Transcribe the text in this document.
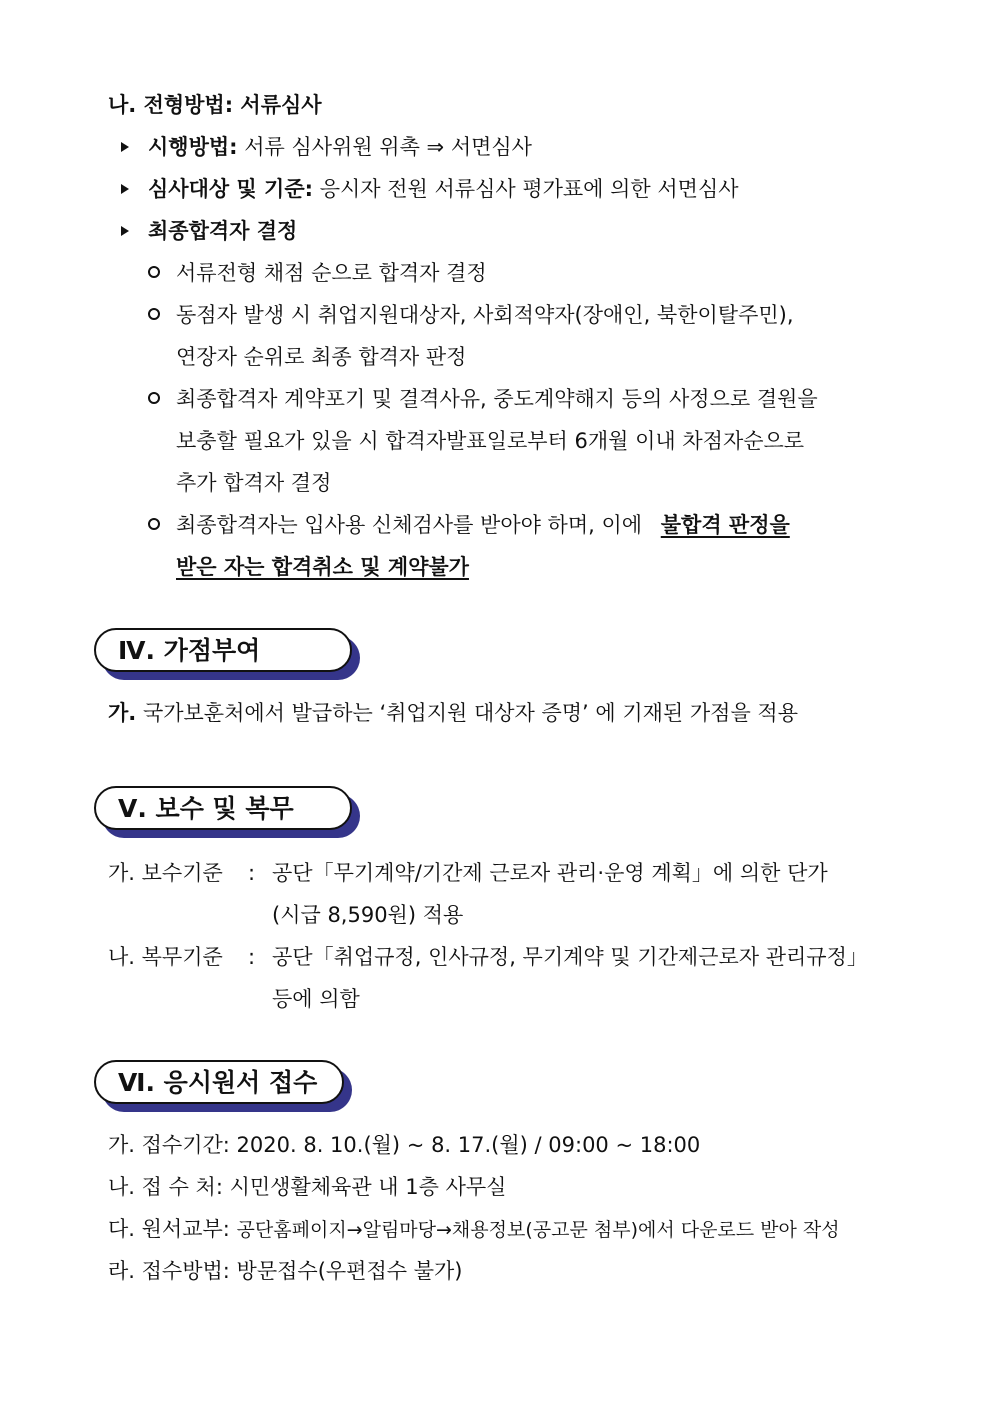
나. 전형방법: 서류심사
시행방법: 서류 심사위원 위촉 ⇒ 서면심사
심사대상 및 기준: 응시자 전원 서류심사 평가표에 의한 서면심사
최종합격자 결정
서류전형 채점 순으로 합격자 결정
동점자 발생 시 취업지원대상자, 사회적약자(장애인, 북한이탈주민),
연장자 순위로 최종 합격자 판정
최종합격자 계약포기 및 결격사유, 중도계약해지 등의 사정으로 결원을
보충할 필요가 있을 시 합격자발표일로부터 6개월 이내 차점자순으로
추가 합격자 결정
최종합격자는 입사용 신체검사를 받아야 하며, 이에 불합격 판정을
받은 자는 합격취소 및 계약불가
Ⅳ. 가점부여
가. 국가보훈처에서 발급하는 ‘취업지원 대상자 증명’ 에 기재된 가점을 적용
Ⅴ. 보수 및 복무
가. 보수기준 : 공단「무기계약/기간제 근로자 관리·운영 계획」에 의한 단가
(시급 8,590원) 적용
나. 복무기준 : 공단「취업규정, 인사규정, 무기계약 및 기간제근로자 관리규정」
등에 의함
Ⅵ. 응시원서 접수
가. 접수기간: 2020. 8. 10.(월) ~ 8. 17.(월) / 09:00 ~ 18:00
나. 접 수 처: 시민생활체육관 내 1층 사무실
다. 원서교부: 공단홈페이지→알림마당→채용정보(공고문 첨부)에서 다운로드 받아 작성
라. 접수방법: 방문접수(우편접수 불가)
